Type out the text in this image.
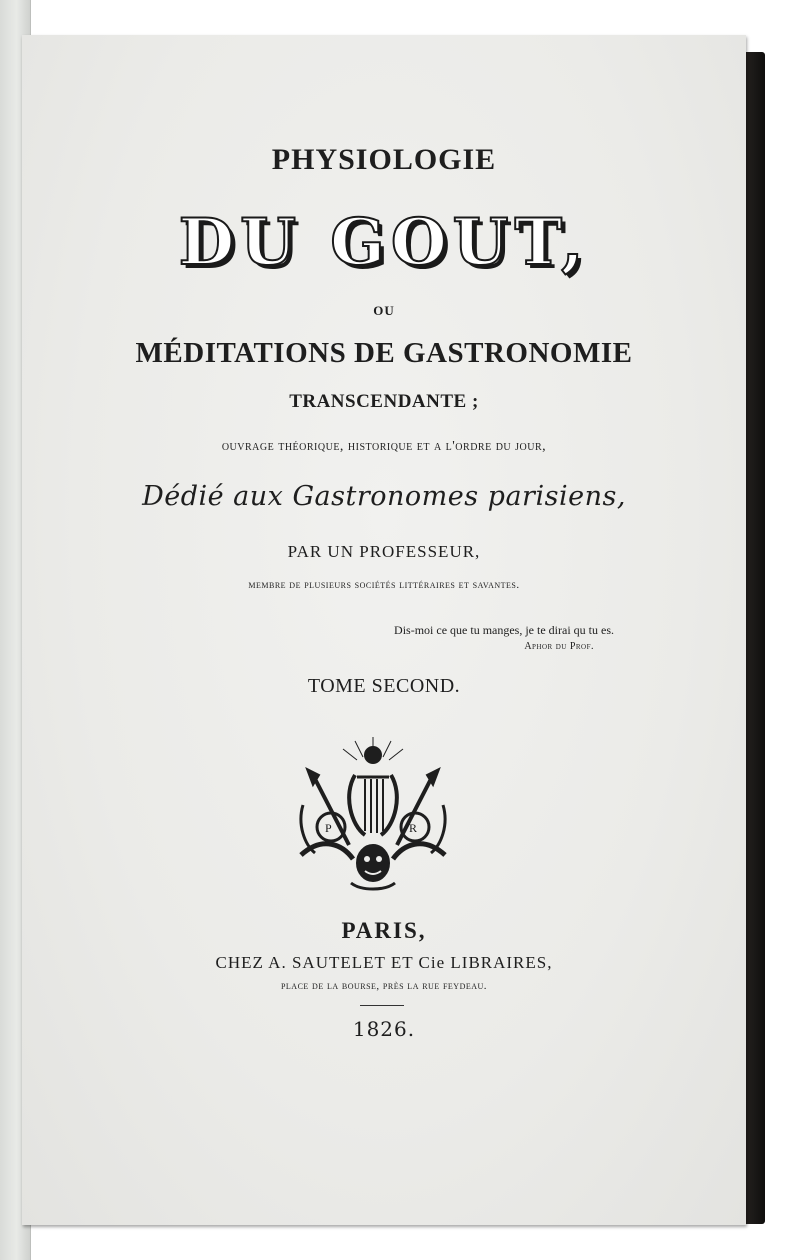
PHYSIOLOGIE
DU GOUT,
OU
MÉDITATIONS DE GASTRONOMIE
TRANSCENDANTE ;
ouvrage théorique, historique et a l'ordre du jour,
Dédié aux Gastronomes parisiens,
PAR UN PROFESSEUR,
membre de plusieurs sociétés littéraires et savantes.
Dis-moi ce que tu manges, je te dirai qu tu es.
Aphor du Prof.
TOME SECOND.
P	R
PARIS,
CHEZ A. SAUTELET ET Cie LIBRAIRES,
place de la bourse, près la rue feydeau.
1826.
